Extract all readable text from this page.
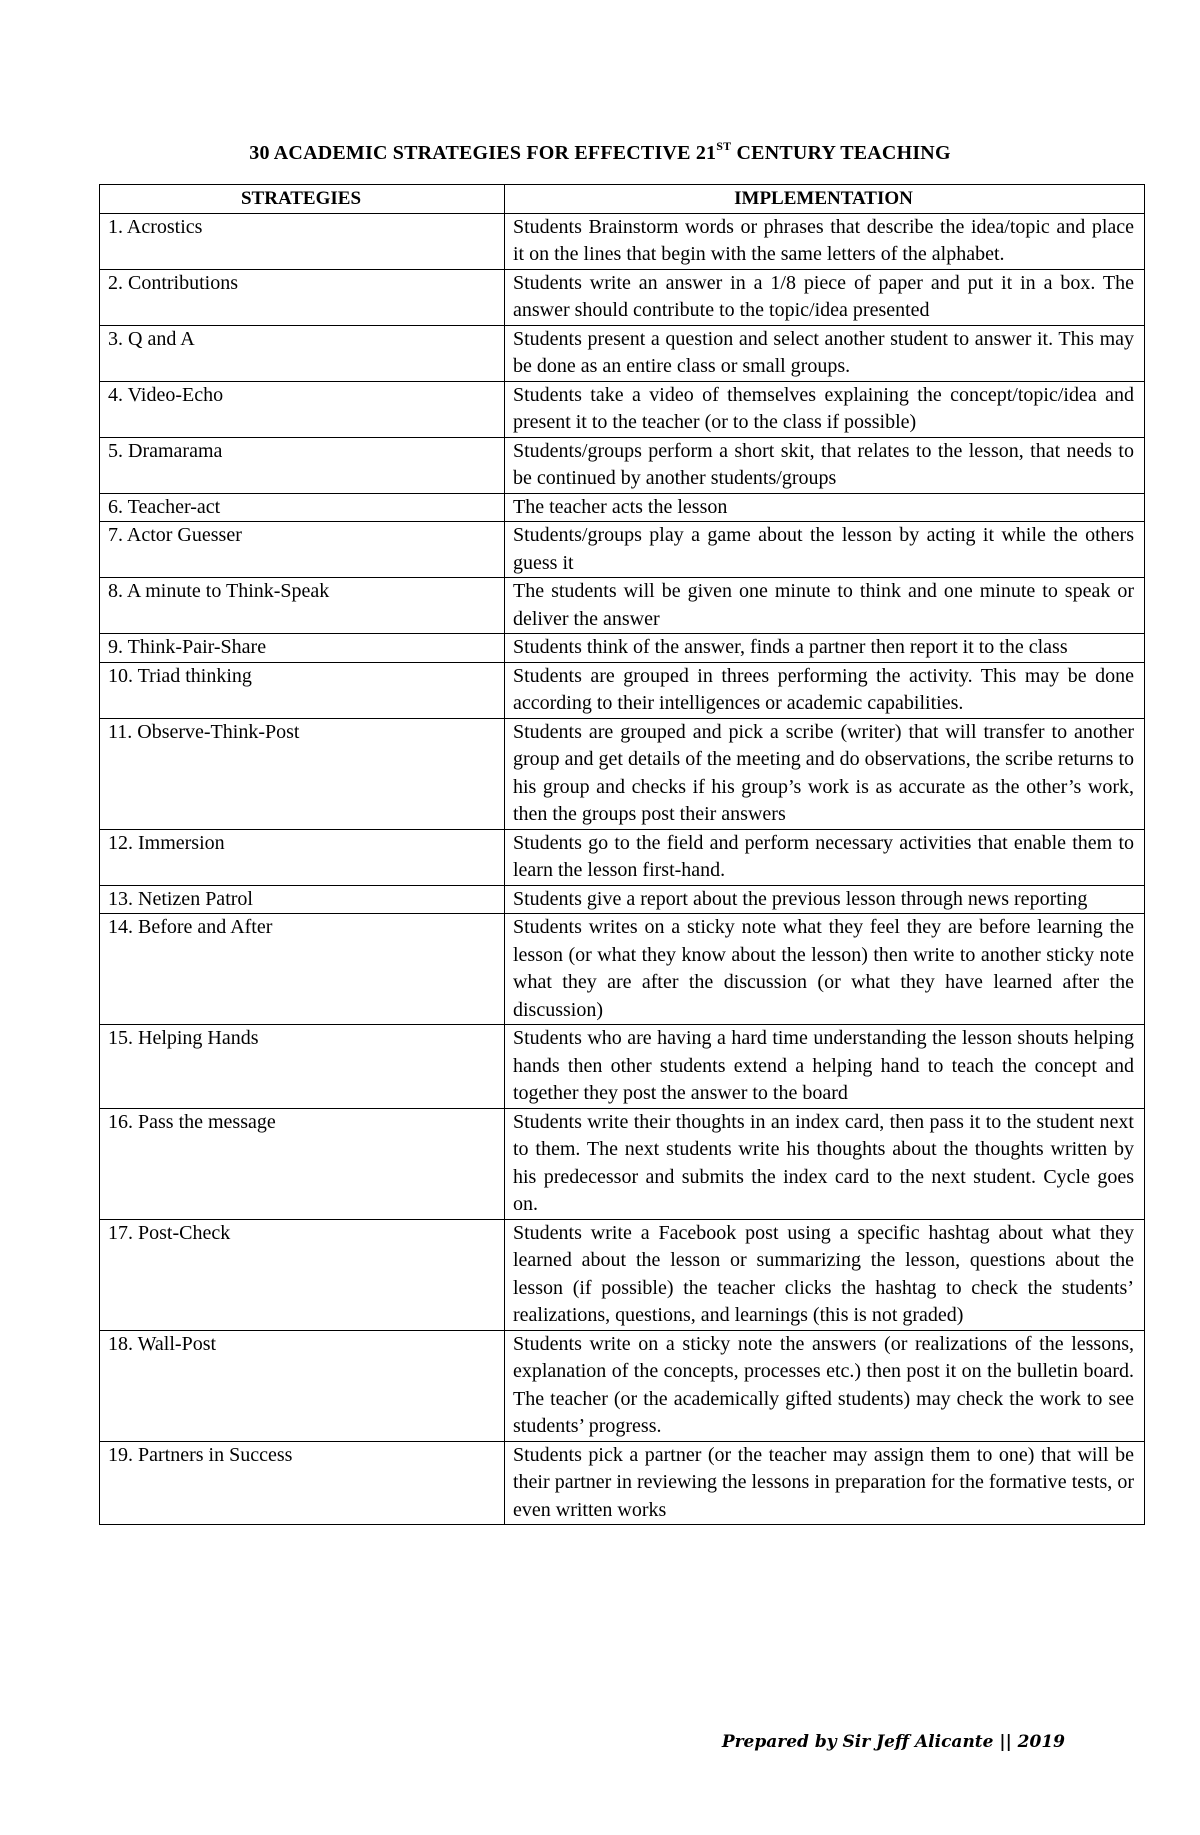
30 ACADEMIC STRATEGIES FOR EFFECTIVE 21ST CENTURY TEACHING
STRATEGIES	IMPLEMENTATION
1. Acrostics	Students Brainstorm words or phrases that describe the idea/topic and place it on the lines that begin with the same letters of the alphabet.
2. Contributions	Students write an answer in a 1/8 piece of paper and put it in a box. The answer should contribute to the topic/idea presented
3. Q and A	Students present a question and select another student to answer it. This may be done as an entire class or small groups.
4. Video-Echo	Students take a video of themselves explaining the concept/topic/idea and present it to the teacher (or to the class if possible)
5. Dramarama	Students/groups perform a short skit, that relates to the lesson, that needs to be continued by another students/groups
6. Teacher-act	The teacher acts the lesson
7. Actor Guesser	Students/groups play a game about the lesson by acting it while the others guess it
8. A minute to Think-Speak	The students will be given one minute to think and one minute to speak or deliver the answer
9. Think-Pair-Share	Students think of the answer, finds a partner then report it to the class
10. Triad thinking	Students are grouped in threes performing the activity. This may be done according to their intelligences or academic capabilities.
11. Observe-Think-Post	Students are grouped and pick a scribe (writer) that will transfer to another group and get details of the meeting and do observations, the scribe returns to his group and checks if his group’s work is as accurate as the other’s work, then the groups post their answers
12. Immersion	Students go to the field and perform necessary activities that enable them to learn the lesson first-hand.
13. Netizen Patrol	Students give a report about the previous lesson through news reporting
14. Before and After	Students writes on a sticky note what they feel they are before learning the lesson (or what they know about the lesson) then write to another sticky note what they are after the discussion (or what they have learned after the discussion)
15. Helping Hands	Students who are having a hard time understanding the lesson shouts helping hands then other students extend a helping hand to teach the concept and together they post the answer to the board
16. Pass the message	Students write their thoughts in an index card, then pass it to the student next to them. The next students write his thoughts about the thoughts written by his predecessor and submits the index card to the next student. Cycle goes on.
17. Post-Check	Students write a Facebook post using a specific hashtag about what they learned about the lesson or summarizing the lesson, questions about the lesson (if possible) the teacher clicks the hashtag to check the students’ realizations, questions, and learnings (this is not graded)
18. Wall-Post	Students write on a sticky note the answers (or realizations of the lessons, explanation of the concepts, processes etc.) then post it on the bulletin board. The teacher (or the academically gifted students) may check the work to see students’ progress.
19. Partners in Success	Students pick a partner (or the teacher may assign them to one) that will be their partner in reviewing the lessons in preparation for the formative tests, or even written works
Prepared by Sir Jeff Alicante || 2019
